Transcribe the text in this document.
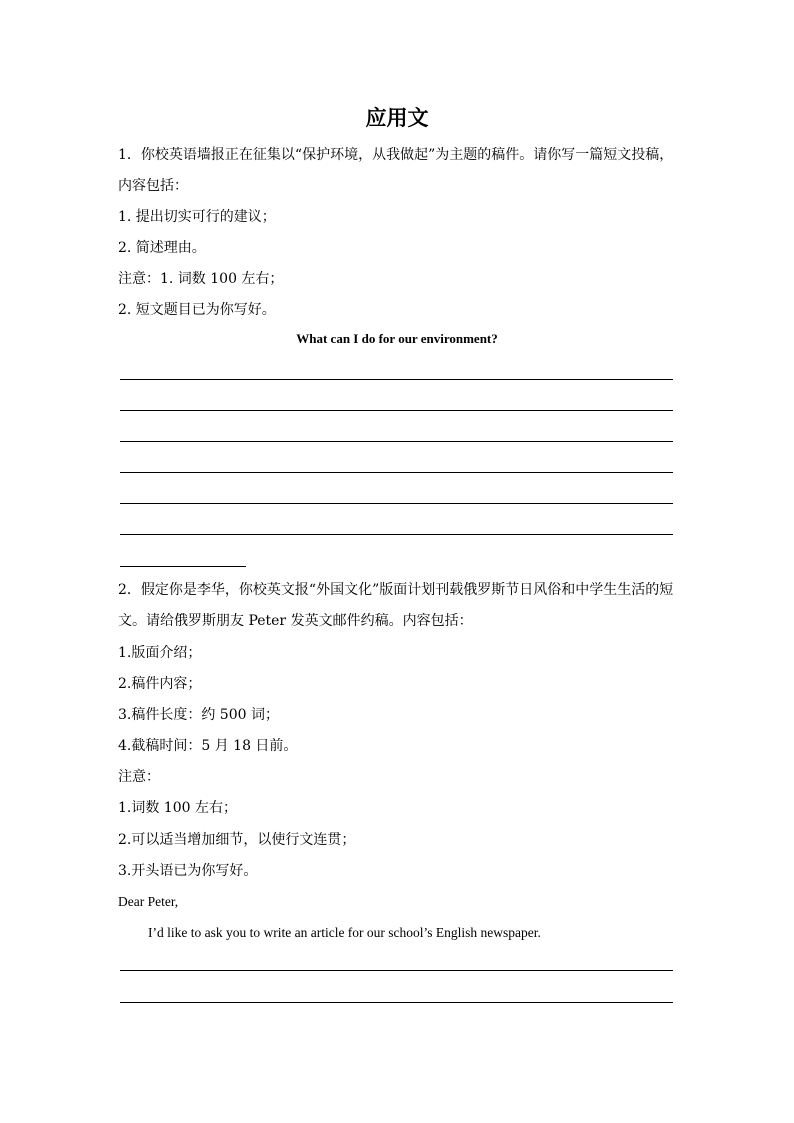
应用文
1．你校英语墙报正在征集以“保护环境，从我做起”为主题的稿件。请你写一篇短文投稿，
内容包括：
1. 提出切实可行的建议；
2. 简述理由。
注意：1. 词数 100 左右；
2. 短文题目已为你写好。
What can I do for our environment?
2．假定你是李华，你校英文报“外国文化”版面计划刊载俄罗斯节日风俗和中学生生活的短
文。请给俄罗斯朋友 Peter 发英文邮件约稿。内容包括：
1.版面介绍；
2.稿件内容；
3.稿件长度：约 500 词；
4.截稿时间：5 月 18 日前。
注意：
1.词数 100 左右；
2.可以适当增加细节，以使行文连贯；
3.开头语已为你写好。
Dear Peter,
I’d like to ask you to write an article for our school’s English newspaper.
